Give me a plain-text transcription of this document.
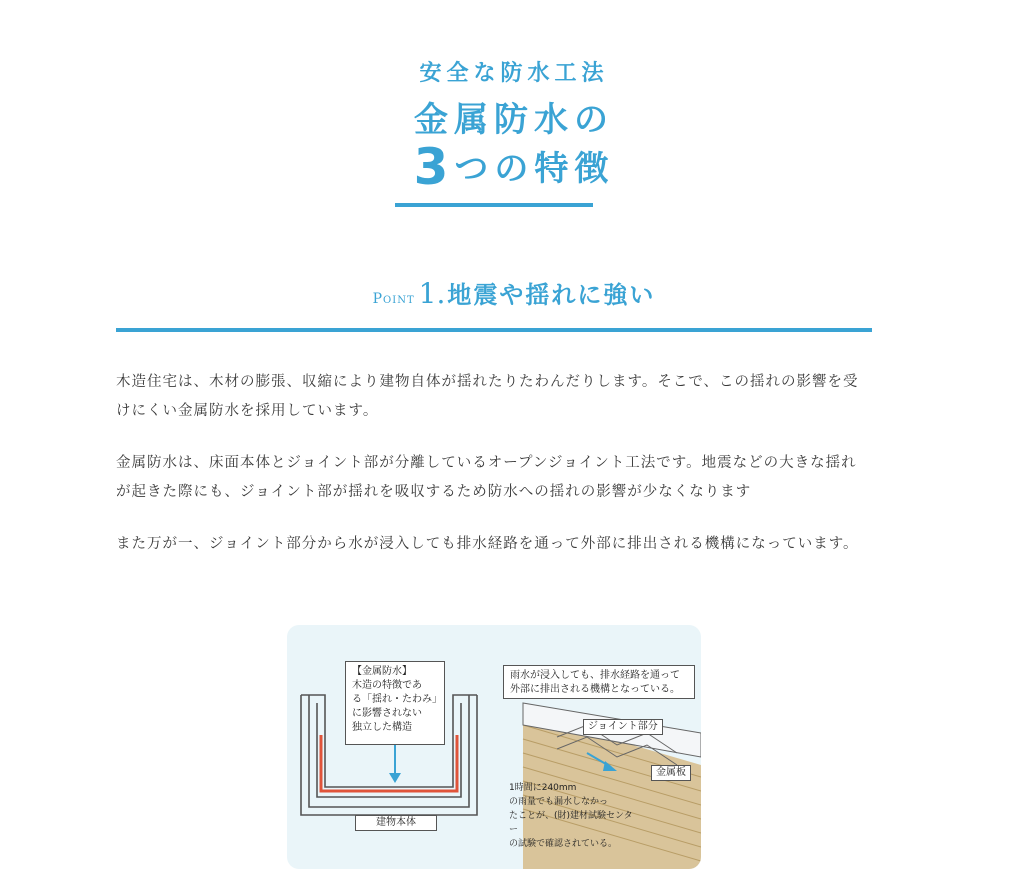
安全な防水工法
金属防水の
3つの特徴
Point 1.地震や揺れに強い

木造住宅は、木材の膨張、収縮により建物自体が揺れたりたわんだりします。そこで、この揺れの影響を受けにくい金属防水を採用しています。

金属防水は、床面本体とジョイント部が分離しているオープンジョイント工法です。地震などの大きな揺れが起きた際にも、ジョイント部が揺れを吸収するため防水への揺れの影響が少なくなります

また万が一、ジョイント部分から水が浸入しても排水経路を通って外部に排出される機構になっています。

【金属防水】
木造の特徴であ
る「揺れ・たわみ」
に影響されない
独立した構造
雨水が浸入しても、排水経路を通って
外部に排出される機構となっている。
ジョイント部分
金属板
建物本体
1時間に240mm
の雨量でも漏水しなかっ
たことが、(財)建材試験センター
の試験で確認されている。
